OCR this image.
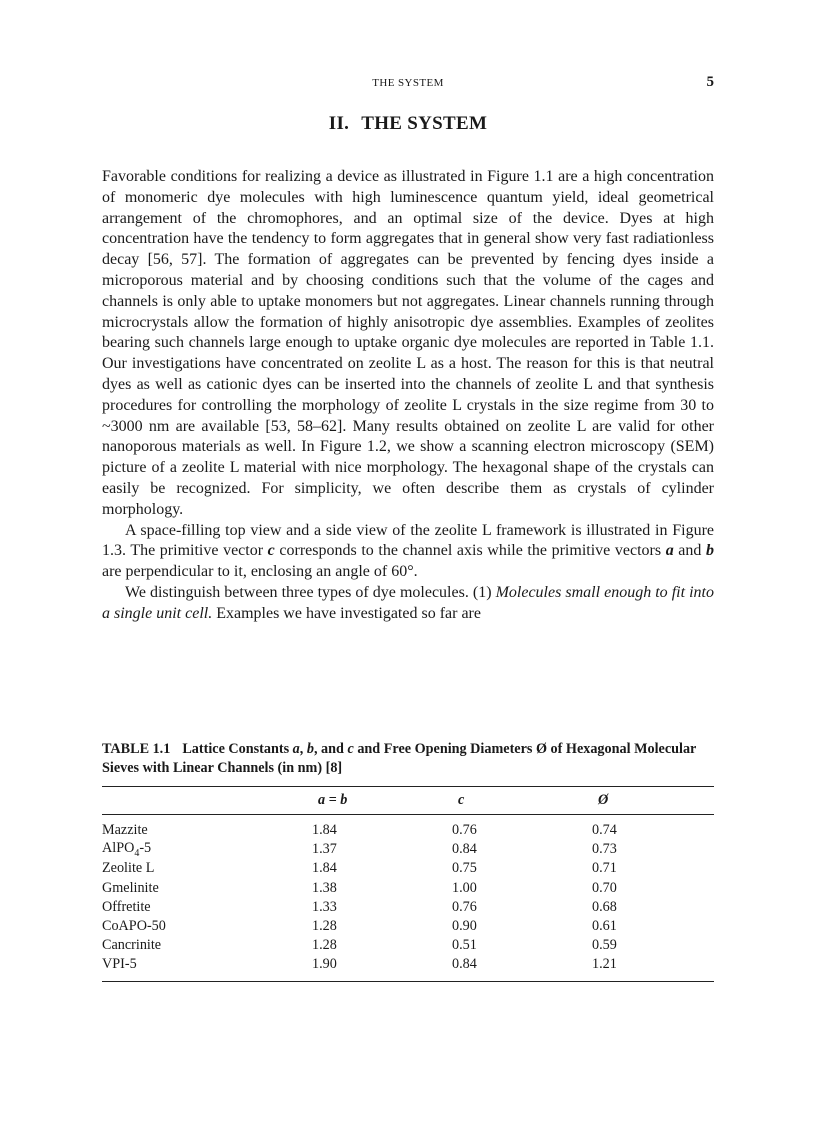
THE SYSTEM	5
II. THE SYSTEM

Favorable conditions for realizing a device as illustrated in Figure 1.1 are a high concentration of monomeric dye molecules with high luminescence quantum yield, ideal geometrical arrangement of the chromophores, and an optimal size of the device. Dyes at high concentration have the tendency to form aggregates that in general show very fast radiationless decay [56, 57]. The formation of aggregates can be prevented by fencing dyes inside a microporous material and by choosing conditions such that the volume of the cages and channels is only able to uptake monomers but not aggregates. Linear channels running through microcrystals allow the formation of highly anisotropic dye assemblies. Examples of zeolites bearing such channels large enough to uptake organic dye molecules are reported in Table 1.1. Our investigations have concentrated on zeolite L as a host. The reason for this is that neutral dyes as well as cationic dyes can be inserted into the channels of zeolite L and that synthesis procedures for controlling the morphology of zeolite L crystals in the size regime from 30 to ~3000 nm are available [53, 58–62]. Many results obtained on zeolite L are valid for other nanoporous materials as well. In Figure 1.2, we show a scanning electron microscopy (SEM) picture of a zeolite L material with nice morphology. The hexagonal shape of the crystals can easily be recognized. For simplicity, we often describe them as crystals of cylinder morphology.

A space-filling top view and a side view of the zeolite L framework is illustrated in Figure 1.3. The primitive vector c corresponds to the channel axis while the primitive vectors a and b are perpendicular to it, enclosing an angle of 60°.

We distinguish between three types of dye molecules. (1) Molecules small enough to fit into a single unit cell. Examples we have investigated so far are

TABLE 1.1 Lattice Constants a, b, and c and Free Opening Diameters Ø of Hexagonal Molecular Sieves with Linear Channels (in nm) [8]
	a = b	c	Ø

Mazzite	1.84	0.76	0.74
AlPO$_4$-5	1.37	0.84	0.73
Zeolite L	1.84	0.75	0.71
Gmelinite	1.38	1.00	0.70
Offretite	1.33	0.76	0.68
CoAPO-50	1.28	0.90	0.61
Cancrinite	1.28	0.51	0.59
VPI-5	1.90	0.84	1.21
